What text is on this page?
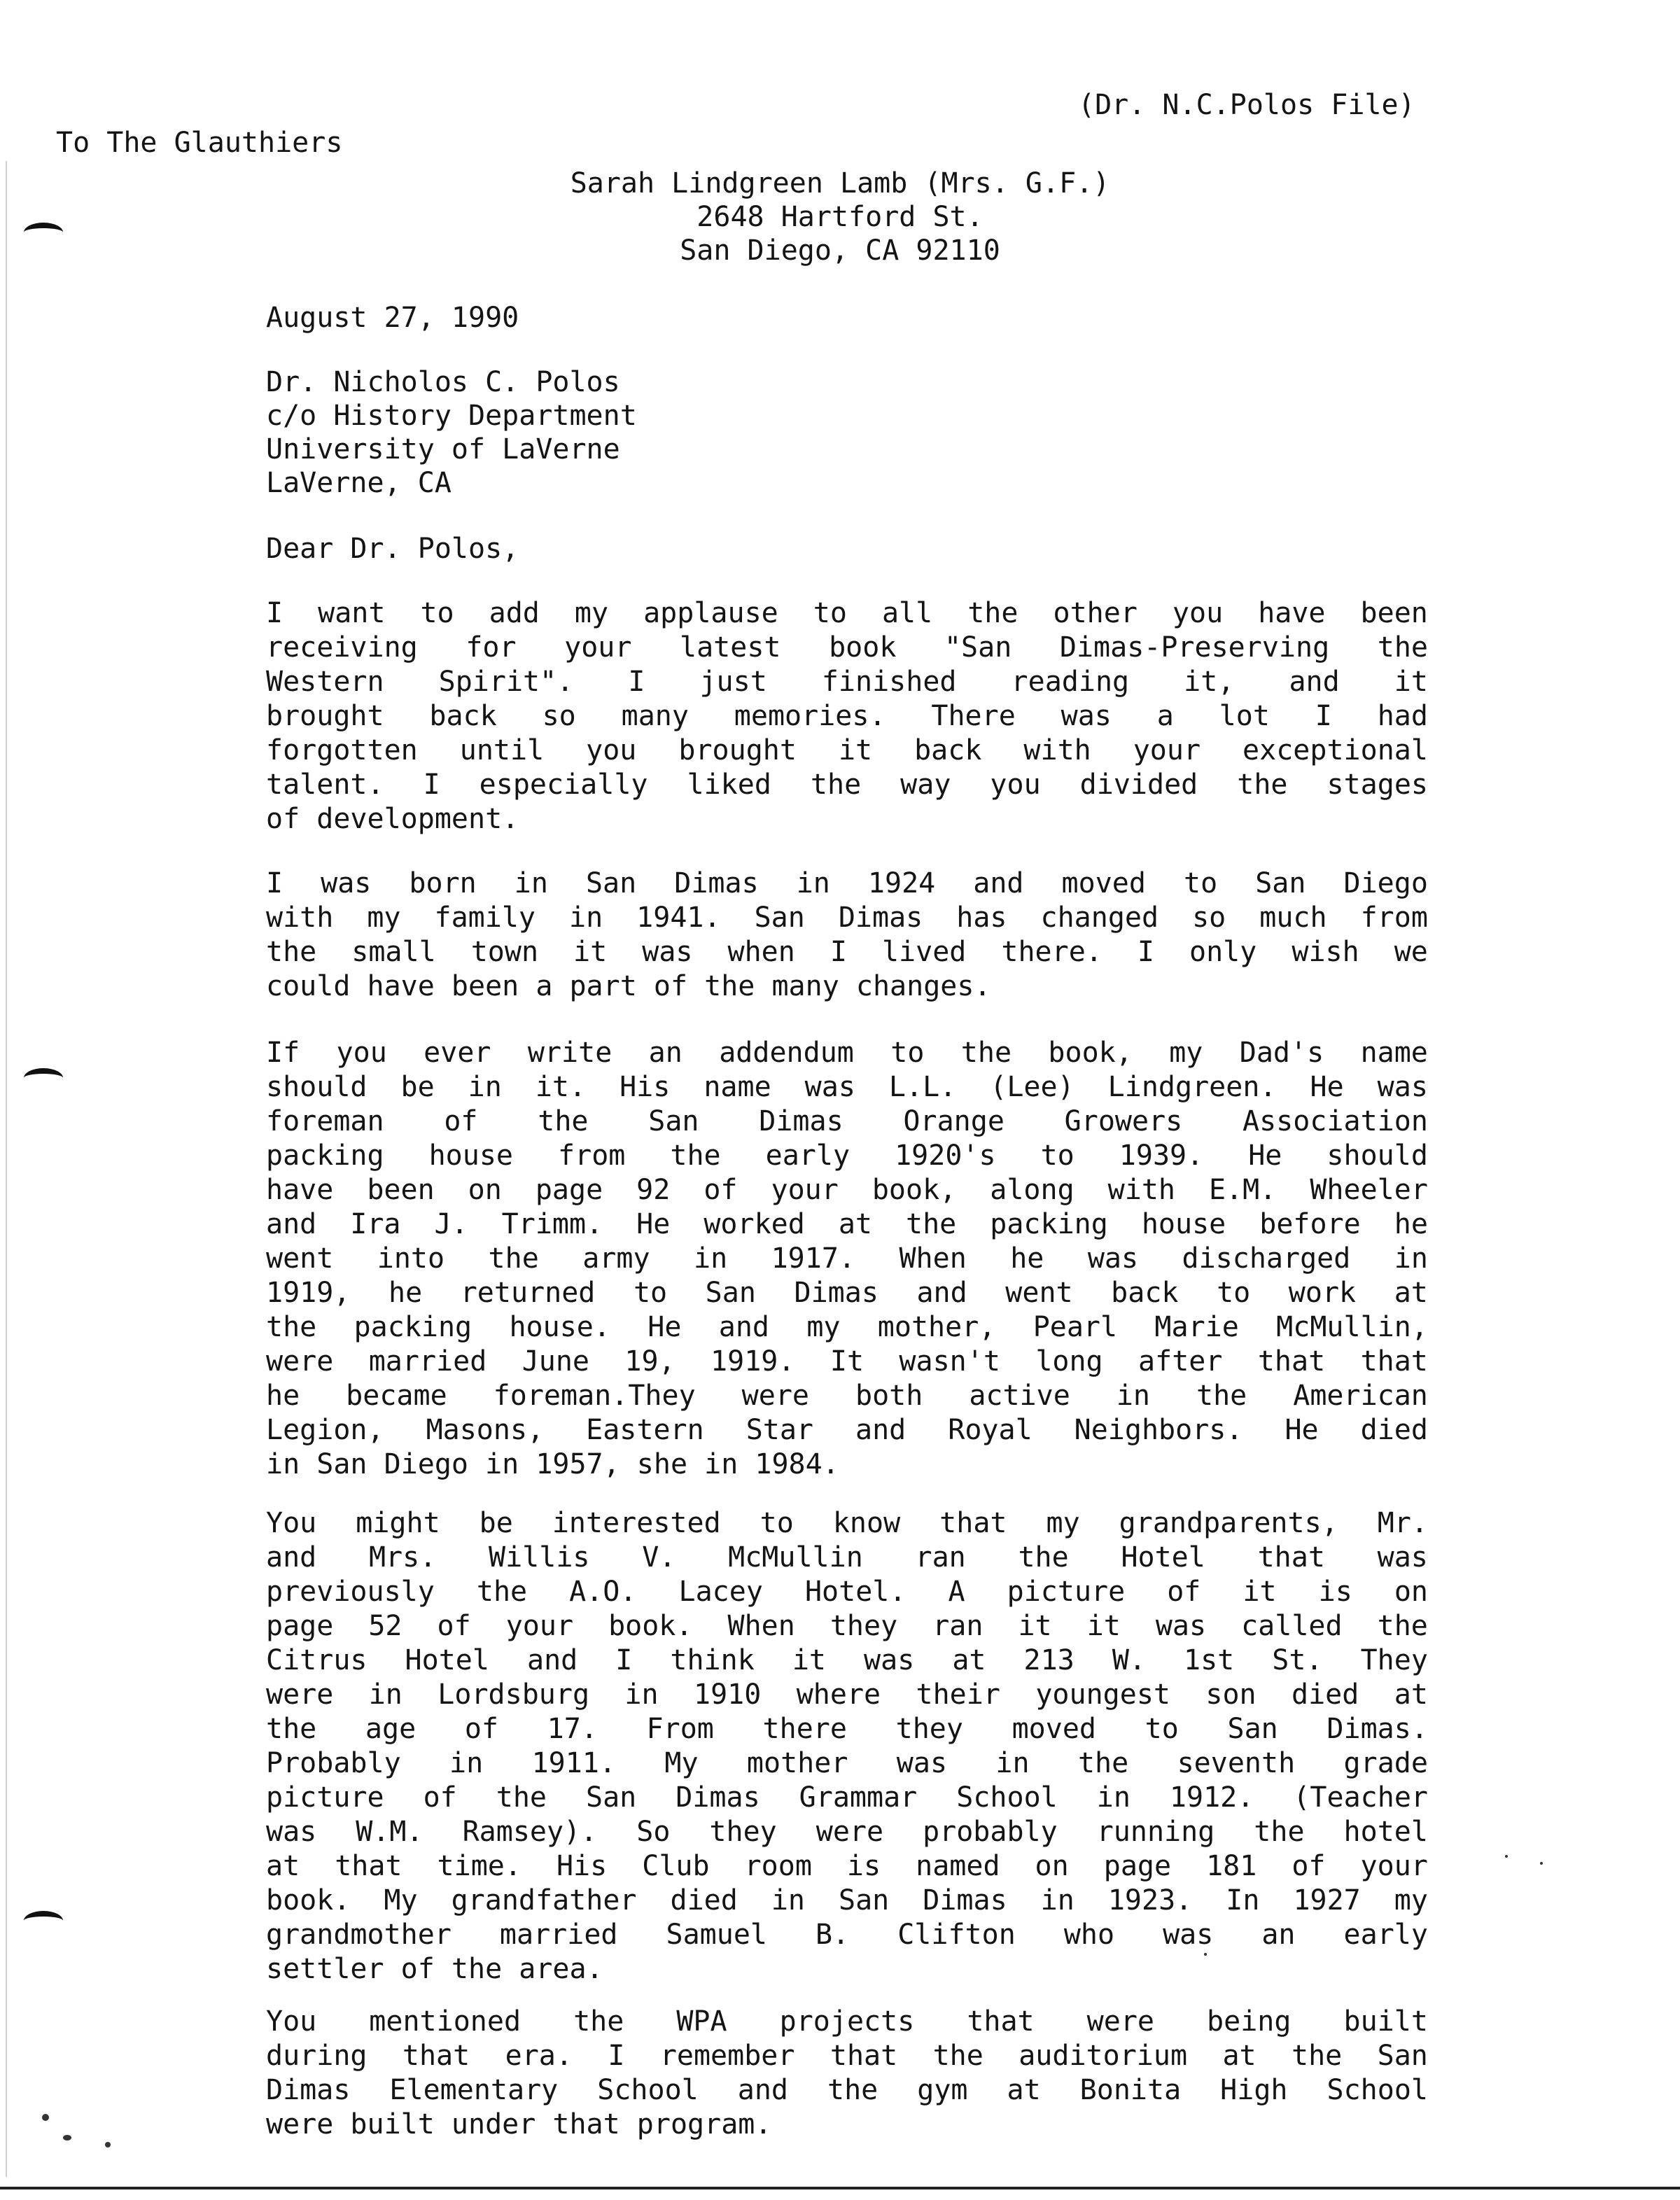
(Dr. N.C.Polos File)
To The Glauthiers
Sarah Lindgreen Lamb (Mrs. G.F.)
2648 Hartford St.
San Diego, CA 92110
August 27, 1990
Dr. Nicholos C. Polos
c/o History Department
University of LaVerne
LaVerne, CA
Dear Dr. Polos,
I want to add my applause to all the other you have been
receiving for your latest book "San Dimas-Preserving the
Western Spirit". I just finished reading it, and it
brought back so many memories. There was a lot I had
forgotten until you brought it back with your exceptional
talent. I especially liked the way you divided the stages
of development.
I was born in San Dimas in 1924 and moved to San Diego
with my family in 1941. San Dimas has changed so much from
the small town it was when I lived there. I only wish we
could have been a part of the many changes.
If you ever write an addendum to the book, my Dad's name
should be in it. His name was L.L. (Lee) Lindgreen. He was
foreman of the San Dimas Orange Growers Association
packing house from the early 1920's to 1939. He should
have been on page 92 of your book, along with E.M. Wheeler
and Ira J. Trimm. He worked at the packing house before he
went into the army in 1917. When he was discharged in
1919, he returned to San Dimas and went back to work at
the packing house. He and my mother, Pearl Marie McMullin,
were married June 19, 1919. It wasn't long after that that
he became foreman.They were both active in the American
Legion, Masons, Eastern Star and Royal Neighbors. He died
in San Diego in 1957, she in 1984.
You might be interested to know that my grandparents, Mr.
and Mrs. Willis V. McMullin ran the Hotel that was
previously the A.O. Lacey Hotel. A picture of it is on
page 52 of your book. When they ran it it was called the
Citrus Hotel and I think it was at 213 W. 1st St. They
were in Lordsburg in 1910 where their youngest son died at
the age of 17. From there they moved to San Dimas.
Probably in 1911. My mother was in the seventh grade
picture of the San Dimas Grammar School in 1912. (Teacher
was W.M. Ramsey). So they were probably running the hotel
at that time. His Club room is named on page 181 of your
book. My grandfather died in San Dimas in 1923. In 1927 my
grandmother married Samuel B. Clifton who was an early
settler of the area.
You mentioned the WPA projects that were being built
during that era. I remember that the auditorium at the San
Dimas Elementary School and the gym at Bonita High School
were built under that program.
